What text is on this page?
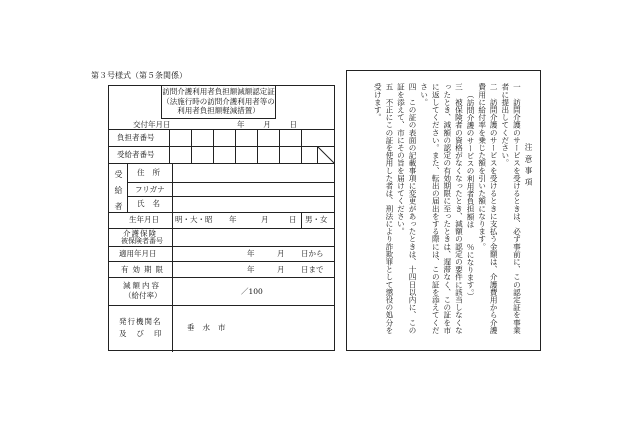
第３号様式（第５条関係）
訪問介護利用者負担額減額認定証
（法施行時の訪問介護利用者等の
利用者負担額軽減措置）
交付年月日	年	月	日
負担者番号
受給者番号
受給者 住所
フリガナ
氏名
生年月日 明・大・昭 年	月	日 男・女
介護保険
被保険者番号
適用年月日	年	月 日から
有効期限	年	月 日まで
減額内容
（給付率）	／100
発行機関名
及び印
垂水市
注意事項
一　訪問介護のサービスを受けるときは、必ず事前に、この認定証を事業者に提出してください。
二　訪問介護のサービスを受けるときに支払う金額は、介護費用から介護費用に給付率を乗じた額を引いた額になります。
（訪問介護のサービスの利用者負担額は　　％になります。）
三　被保険者の資格がなくなったとき、減額の認定の要件に該当しなくなったとき、減額の認定の有効期限に至ったときは、遅滞なく、この証を市に返してください。また、転出の届出をする際には、この証を添えてください。
四　この証の表面の記載事項に変更があったときは、十四日以内に、この証を添えて、市にその旨を届けてください。
五　不正にこの証を使用した者は、刑法により詐欺罪として懲役の処分を受けます。
